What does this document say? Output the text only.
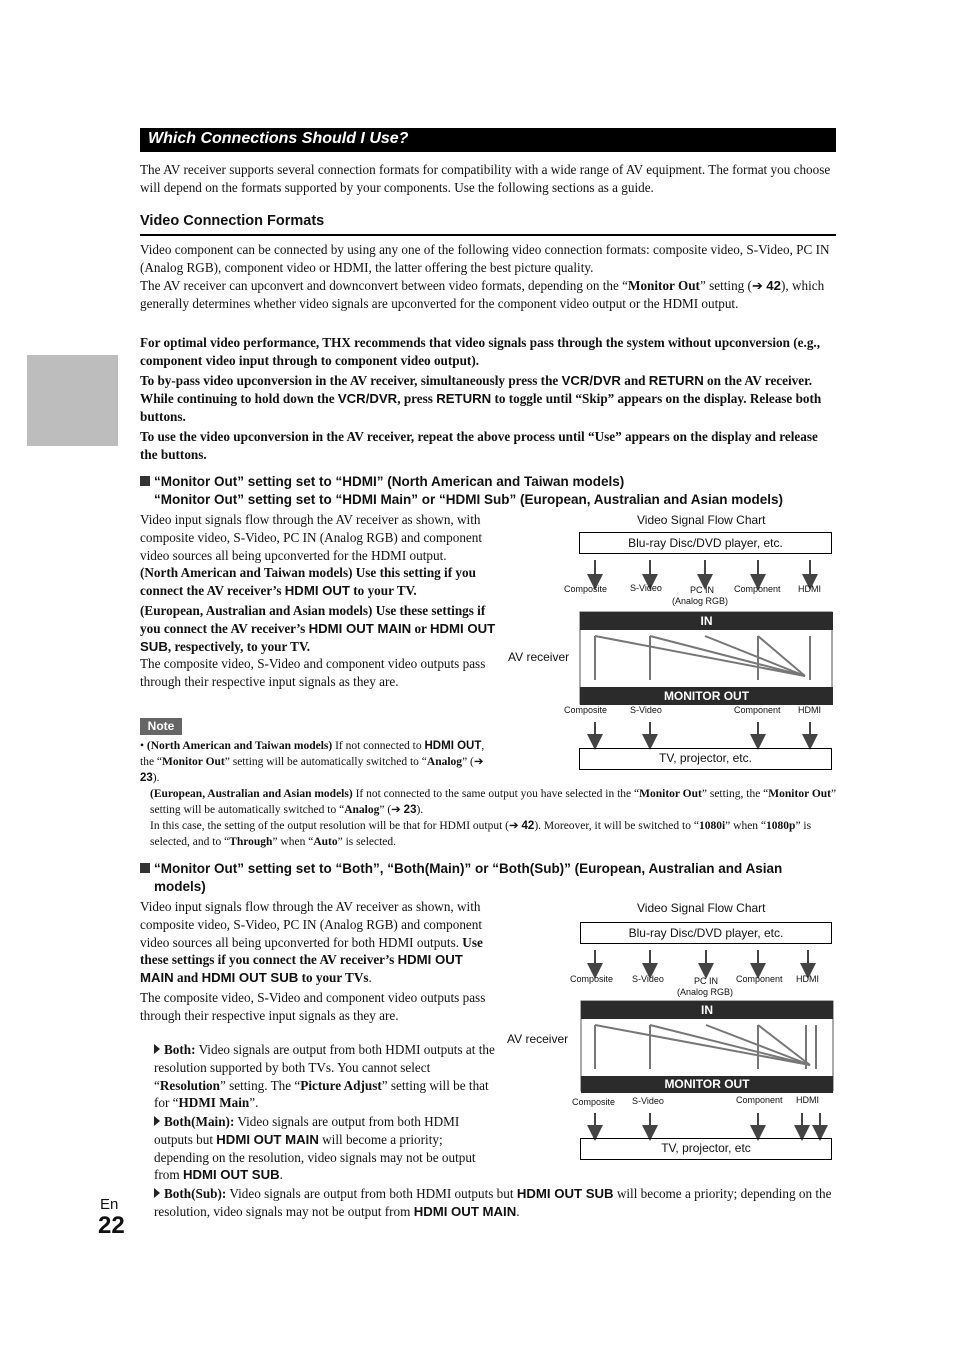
En
22
Which Connections Should I Use?
The AV receiver supports several connection formats for compatibility with a wide range of AV equipment. The format you choose will depend on the formats supported by your components. Use the following sections as a guide.
Video Connection Formats
Video component can be connected by using any one of the following video connection formats: composite video, S-Video, PC IN (Analog RGB), component video or HDMI, the latter offering the best picture quality.
The AV receiver can upconvert and downconvert between video formats, depending on the “Monitor Out” setting (➔ 42), which generally determines whether video signals are upconverted for the component video output or the HDMI output.
For optimal video performance, THX recommends that video signals pass through the system without upconversion (e.g., component video input through to component video output).
To by-pass video upconversion in the AV receiver, simultaneously press the VCR/DVR and RETURN on the AV receiver. While continuing to hold down the VCR/DVR, press RETURN to toggle until “Skip” appears on the display. Release both buttons.
To use the video upconversion in the AV receiver, repeat the above process until “Use” appears on the display and release the buttons.
“Monitor Out” setting set to “HDMI” (North American and Taiwan models)
“Monitor Out” setting set to “HDMI Main” or “HDMI Sub” (European, Australian and Asian models)

Video input signals flow through the AV receiver as shown, with composite video, S-Video, PC IN (Analog RGB) and component video sources all being upconverted for the HDMI output.

(North American and Taiwan models) Use this setting if you connect the AV receiver’s HDMI OUT to your TV.

(European, Australian and Asian models) Use these settings if you connect the AV receiver’s HDMI OUT MAIN or HDMI OUT SUB, respectively, to your TV.

The composite video, S-Video and component video outputs pass through their respective input signals as they are.

Note
• (North American and Taiwan models) If not connected to HDMI OUT, the “Monitor Out” setting will be automatically switched to “Analog” (➔ 23).
(European, Australian and Asian models) If not connected to the same output you have selected in the “Monitor Out” setting, the “Monitor Out” setting will be automatically switched to “Analog” (➔ 23).
In this case, the setting of the output resolution will be that for HDMI output (➔ 42). Moreover, it will be switched to “1080i” when “1080p” is selected, and to “Through” when “Auto” is selected.
Video Signal Flow Chart
Blu-ray Disc/DVD player, etc.
Composite	S-Video	PC IN
(Analog RGB)
Component HDMI
AV receiver
IN
MONITOR OUT
Composite	S-Video	Component HDMI
TV, projector, etc.
“Monitor Out” setting set to “Both”, “Both(Main)” or “Both(Sub)” (European, Australian and Asian
models)

Video input signals flow through the AV receiver as shown, with composite video, S-Video, PC IN (Analog RGB) and component video sources all being upconverted for both HDMI outputs. Use these settings if you connect the AV receiver’s HDMI OUT MAIN and HDMI OUT SUB to your TVs.

The composite video, S-Video and component video outputs pass through their respective input signals as they are.

Both: Video signals are output from both HDMI outputs at the resolution supported by both TVs. You cannot select “Resolution” setting. The “Picture Adjust” setting will be that for “HDMI Main”.
Both(Main): Video signals are output from both HDMI outputs but HDMI OUT MAIN will become a priority; depending on the resolution, video signals may not be output from HDMI OUT SUB.
Both(Sub): Video signals are output from both HDMI outputs but HDMI OUT SUB will become a priority; depending on the resolution, video signals may not be output from HDMI OUT MAIN.
Video Signal Flow Chart
Blu-ray Disc/DVD player, etc.
Composite S-Video	PC IN
(Analog RGB)
Component HDMI
AV receiver
IN
MONITOR OUT
Composite S-Video	Component HDMI
TV, projector, etc
